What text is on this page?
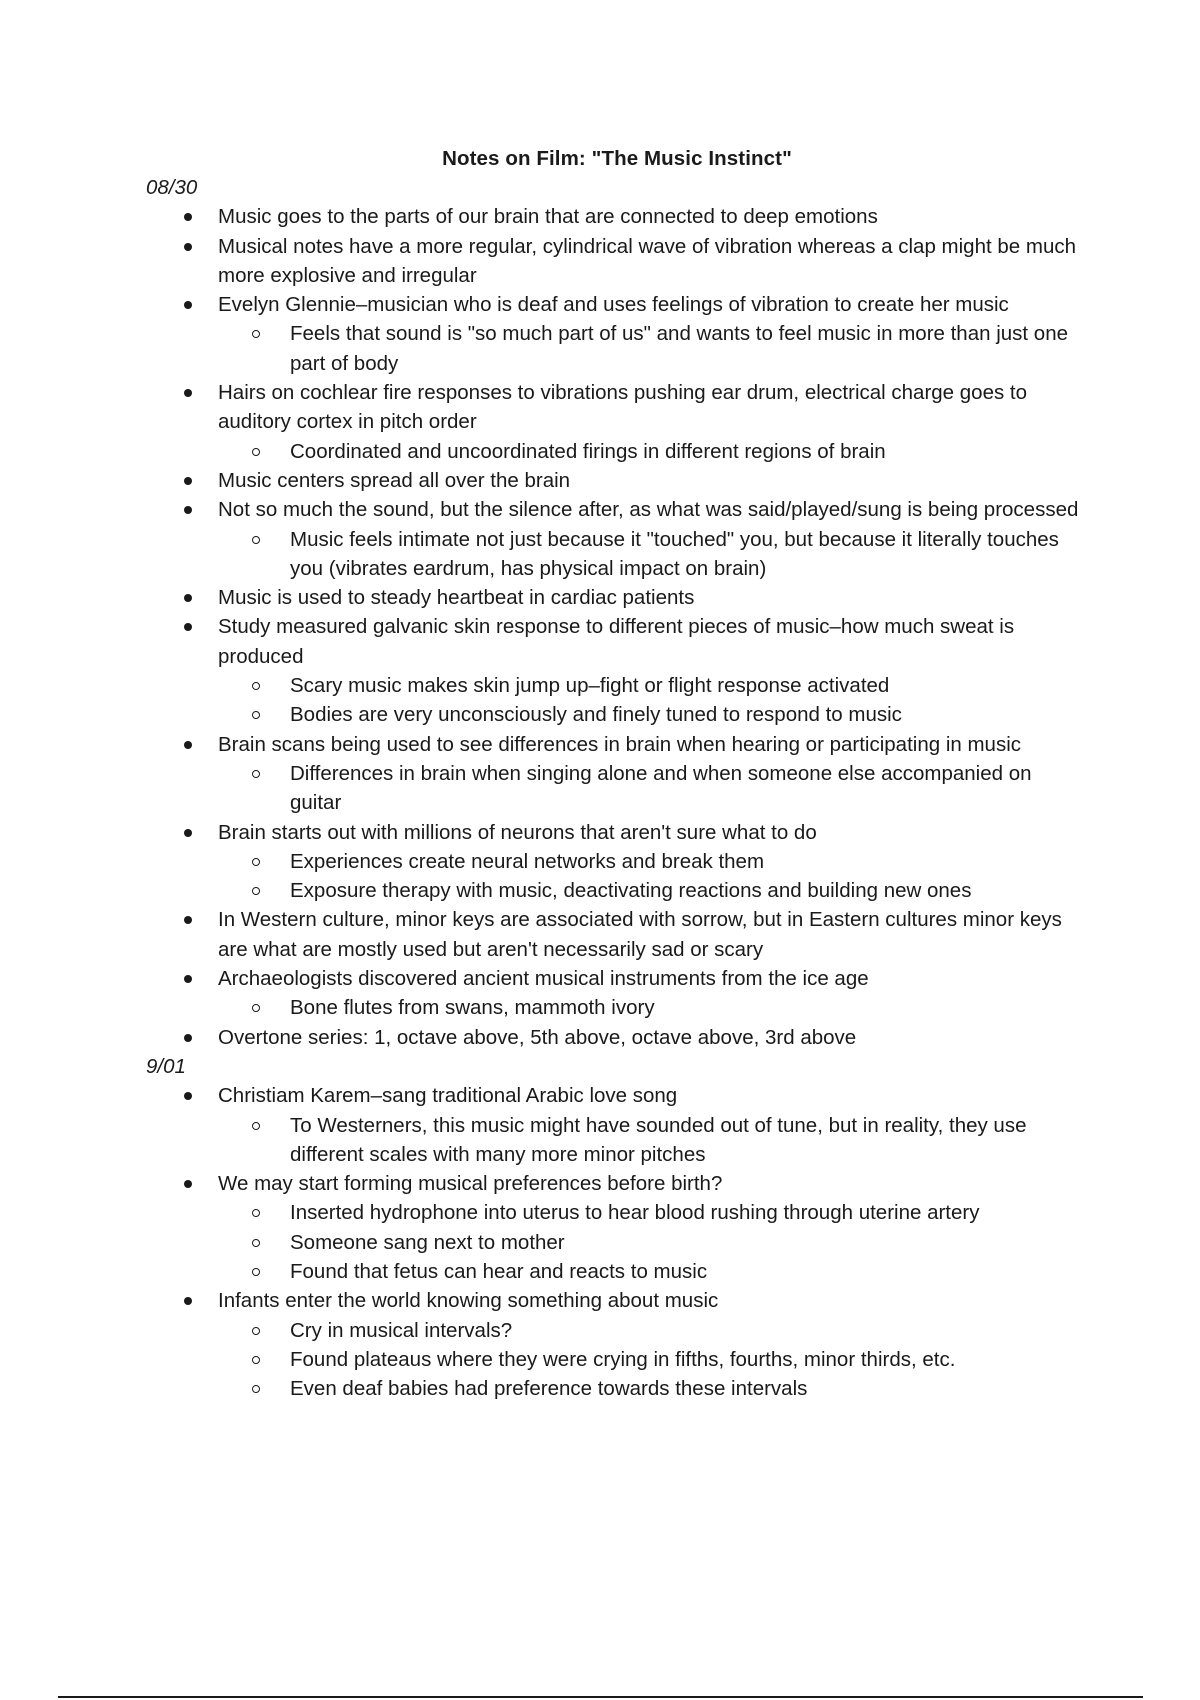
Notes on Film: "The Music Instinct"
08/30
Music goes to the parts of our brain that are connected to deep emotions
Musical notes have a more regular, cylindrical wave of vibration whereas a clap might be much more explosive and irregular
Evelyn Glennie–musician who is deaf and uses feelings of vibration to create her music
Feels that sound is "so much part of us" and wants to feel music in more than just one part of body
Hairs on cochlear fire responses to vibrations pushing ear drum, electrical charge goes to auditory cortex in pitch order
Coordinated and uncoordinated firings in different regions of brain
Music centers spread all over the brain
Not so much the sound, but the silence after, as what was said/played/sung is being processed
Music feels intimate not just because it "touched" you, but because it literally touches you (vibrates eardrum, has physical impact on brain)
Music is used to steady heartbeat in cardiac patients
Study measured galvanic skin response to different pieces of music–how much sweat is produced
Scary music makes skin jump up–fight or flight response activated
Bodies are very unconsciously and finely tuned to respond to music
Brain scans being used to see differences in brain when hearing or participating in music
Differences in brain when singing alone and when someone else accompanied on guitar
Brain starts out with millions of neurons that aren't sure what to do
Experiences create neural networks and break them
Exposure therapy with music, deactivating reactions and building new ones
In Western culture, minor keys are associated with sorrow, but in Eastern cultures minor keys are what are mostly used but aren't necessarily sad or scary
Archaeologists discovered ancient musical instruments from the ice age
Bone flutes from swans, mammoth ivory
Overtone series: 1, octave above, 5th above, octave above, 3rd above
9/01
Christiam Karem–sang traditional Arabic love song
To Westerners, this music might have sounded out of tune, but in reality, they use different scales with many more minor pitches
We may start forming musical preferences before birth?
Inserted hydrophone into uterus to hear blood rushing through uterine artery
Someone sang next to mother
Found that fetus can hear and reacts to music
Infants enter the world knowing something about music
Cry in musical intervals?
Found plateaus where they were crying in fifths, fourths, minor thirds, etc.
Even deaf babies had preference towards these intervals
